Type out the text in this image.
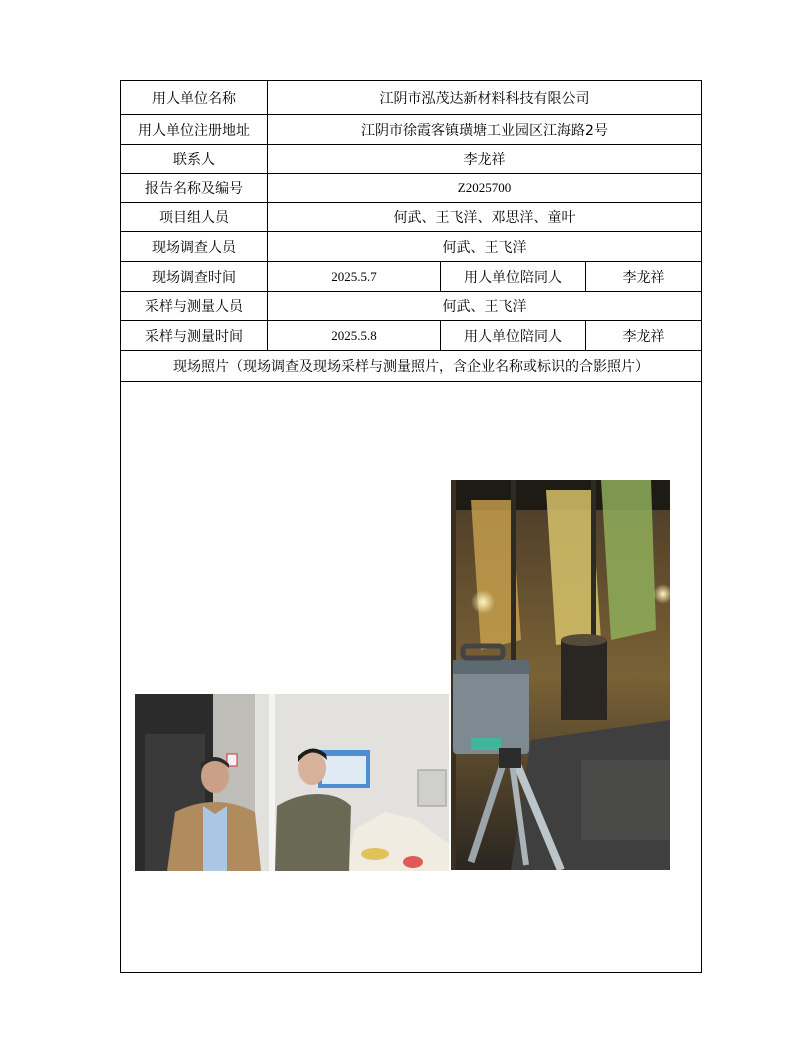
用人单位名称	江阴市泓茂达新材料科技有限公司
用人单位注册地址	江阴市徐霞客镇璜塘工业园区江海路2号
联系人	李龙祥
报告名称及编号	Z2025700
项目组人员	何武、王飞洋、邓思洋、童叶
现场调查人员	何武、王飞洋
现场调查时间	2025.5.7	用人单位陪同人	李龙祥
采样与测量人员	何武、王飞洋
采样与测量时间	2025.5.8	用人单位陪同人	李龙祥
现场照片（现场调查及现场采样与测量照片，含企业名称或标识的合影照片）
